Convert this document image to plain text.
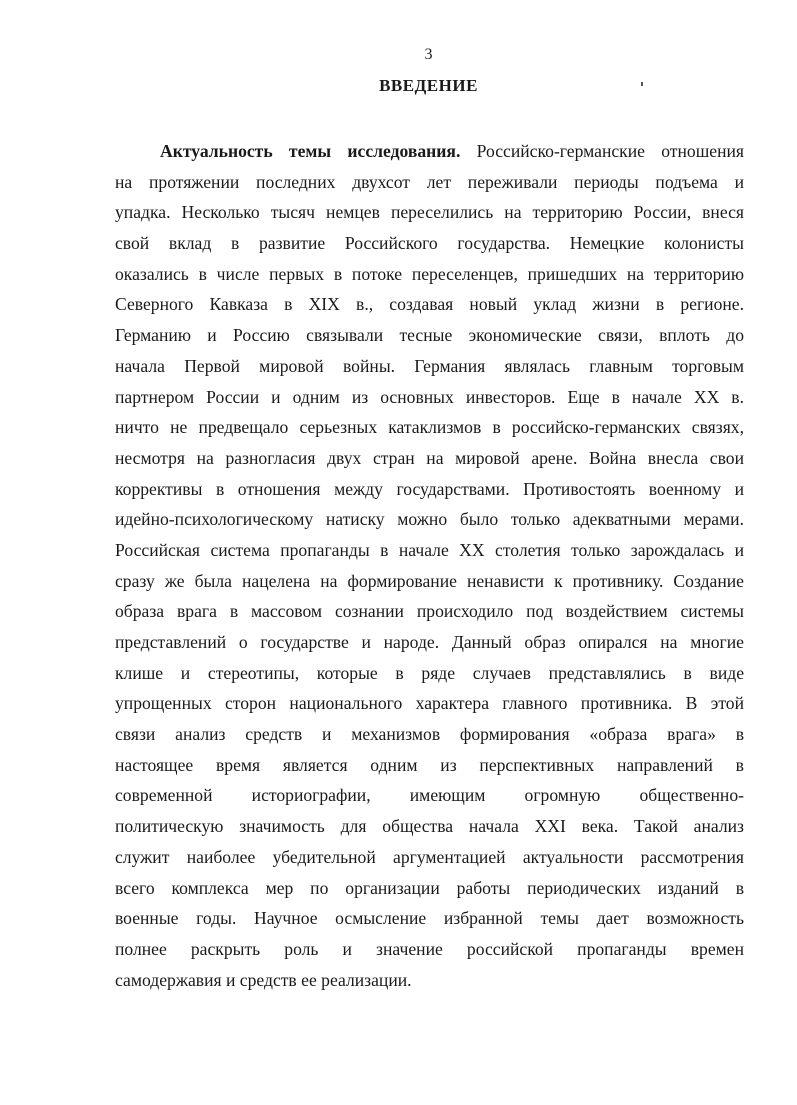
3
ВВЕДЕНИЕ
Актуальность темы исследования. Российско-германские отношения
на протяжении последних двухсот лет переживали периоды подъема и
упадка. Несколько тысяч немцев переселились на территорию России, внеся
свой вклад в развитие Российского государства. Немецкие колонисты
оказались в числе первых в потоке переселенцев, пришедших на территорию
Северного Кавказа в XIX в., создавая новый уклад жизни в регионе.
Германию и Россию связывали тесные экономические связи, вплоть до
начала Первой мировой войны. Германия являлась главным торговым
партнером России и одним из основных инвесторов. Еще в начале XX в.
ничто не предвещало серьезных катаклизмов в российско-германских связях,
несмотря на разногласия двух стран на мировой арене. Война внесла свои
коррективы в отношения между государствами. Противостоять военному и
идейно-психологическому натиску можно было только адекватными мерами.
Российская система пропаганды в начале XX столетия только зарождалась и
сразу же была нацелена на формирование ненависти к противнику. Создание
образа врага в массовом сознании происходило под воздействием системы
представлений о государстве и народе. Данный образ опирался на многие
клише и стереотипы, которые в ряде случаев представлялись в виде
упрощенных сторон национального характера главного противника. В этой
связи анализ средств и механизмов формирования «образа врага» в
настоящее время является одним из перспективных направлений в
современной историографии, имеющим огромную общественно-
политическую значимость для общества начала XXI века. Такой анализ
служит наиболее убедительной аргументацией актуальности рассмотрения
всего комплекса мер по организации работы периодических изданий в
военные годы. Научное осмысление избранной темы дает возможность
полнее раскрыть роль и значение российской пропаганды времен
самодержавия и средств ее реализации.
